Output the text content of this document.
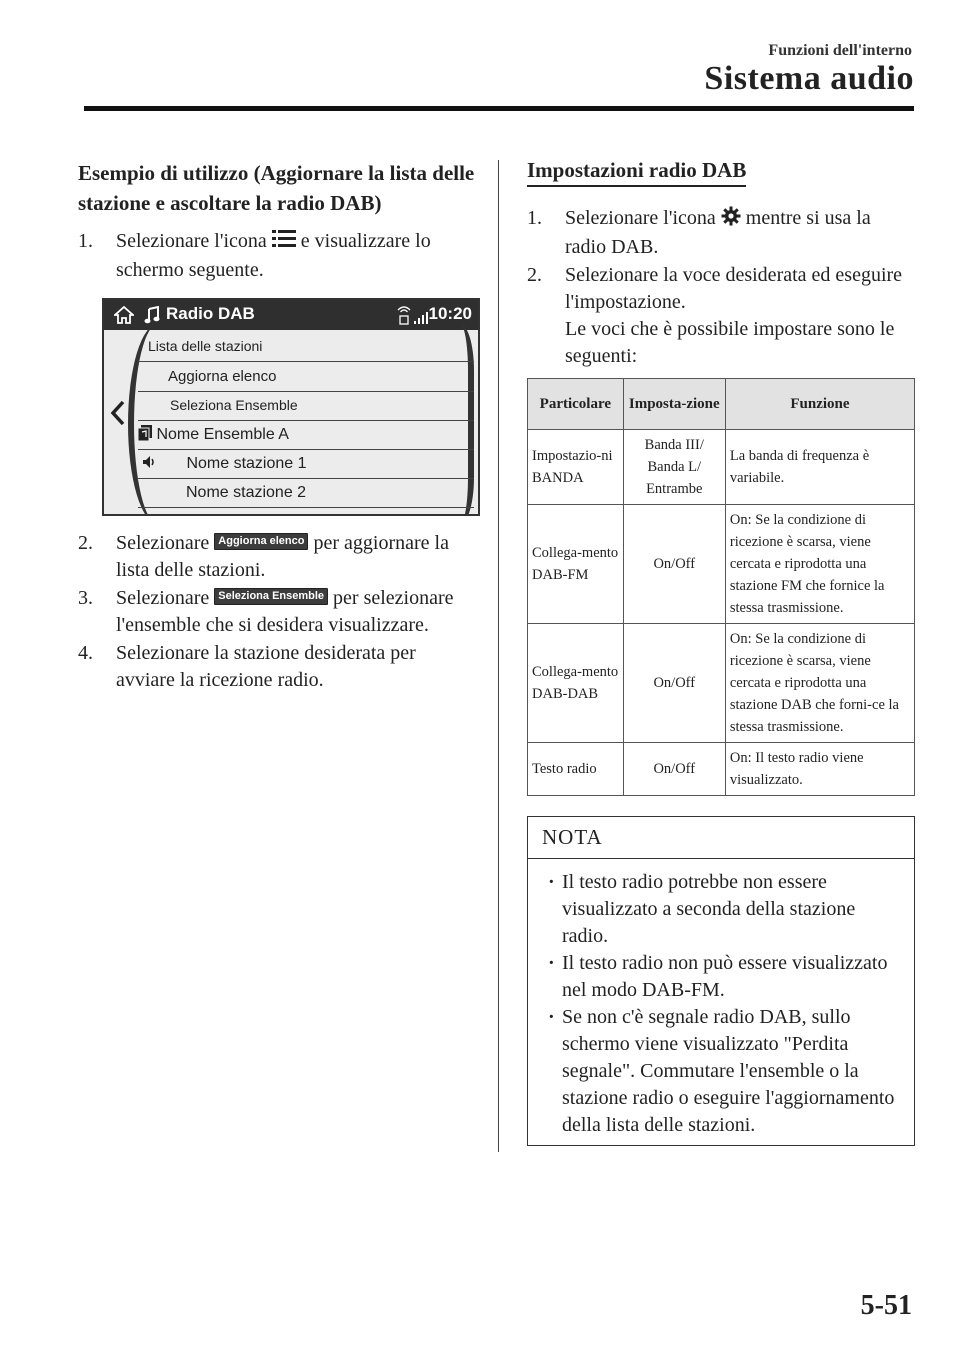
Funzioni dell'interno
Sistema audio
Esempio di utilizzo (Aggiornare la lista delle stazione e ascoltare la radio DAB)
1. Selezionare l'icona e visualizzare lo schermo seguente.
Radio DAB	10:20
Lista delle stazioni
Aggiorna elenco
Seleziona Ensemble
Nome Ensemble A
Nome stazione 1
Nome stazione 2
2. Selezionare Aggiorna elenco per aggiornare la lista delle stazioni.
3. Selezionare Seleziona Ensemble per selezionare l'ensemble che si desidera visualizzare.
4. Selezionare la stazione desiderata per avviare la ricezione radio.
Impostazioni radio DAB
1. Selezionare l'icona mentre si usa la radio DAB.
2. Selezionare la voce desiderata ed eseguire l'impostazione.
Le voci che è possibile impostare sono le seguenti:
Particolare	Imposta-zione	Funzione
Impostazio-ni BANDA	Banda III/ Banda L/ Entrambe	La banda di frequenza è variabile.
Collega-mento DAB-FM	On/Off	On: Se la condizione di ricezione è scarsa, viene cercata e riprodotta una stazione FM che fornice la stessa trasmissione.
Collega-mento DAB-DAB	On/Off	On: Se la condizione di ricezione è scarsa, viene cercata e riprodotta una stazione DAB che forni-ce la stessa trasmissione.
Testo radio	On/Off	On: Il testo radio viene visualizzato.
NOTA
· Il testo radio potrebbe non essere visualizzato a seconda della stazione radio.
· Il testo radio non può essere visualizzato nel modo DAB-FM.
· Se non c'è segnale radio DAB, sullo schermo viene visualizzato "Perdita segnale". Commutare l'ensemble o la stazione radio o eseguire l'aggiornamento della lista delle stazioni.
5-51
